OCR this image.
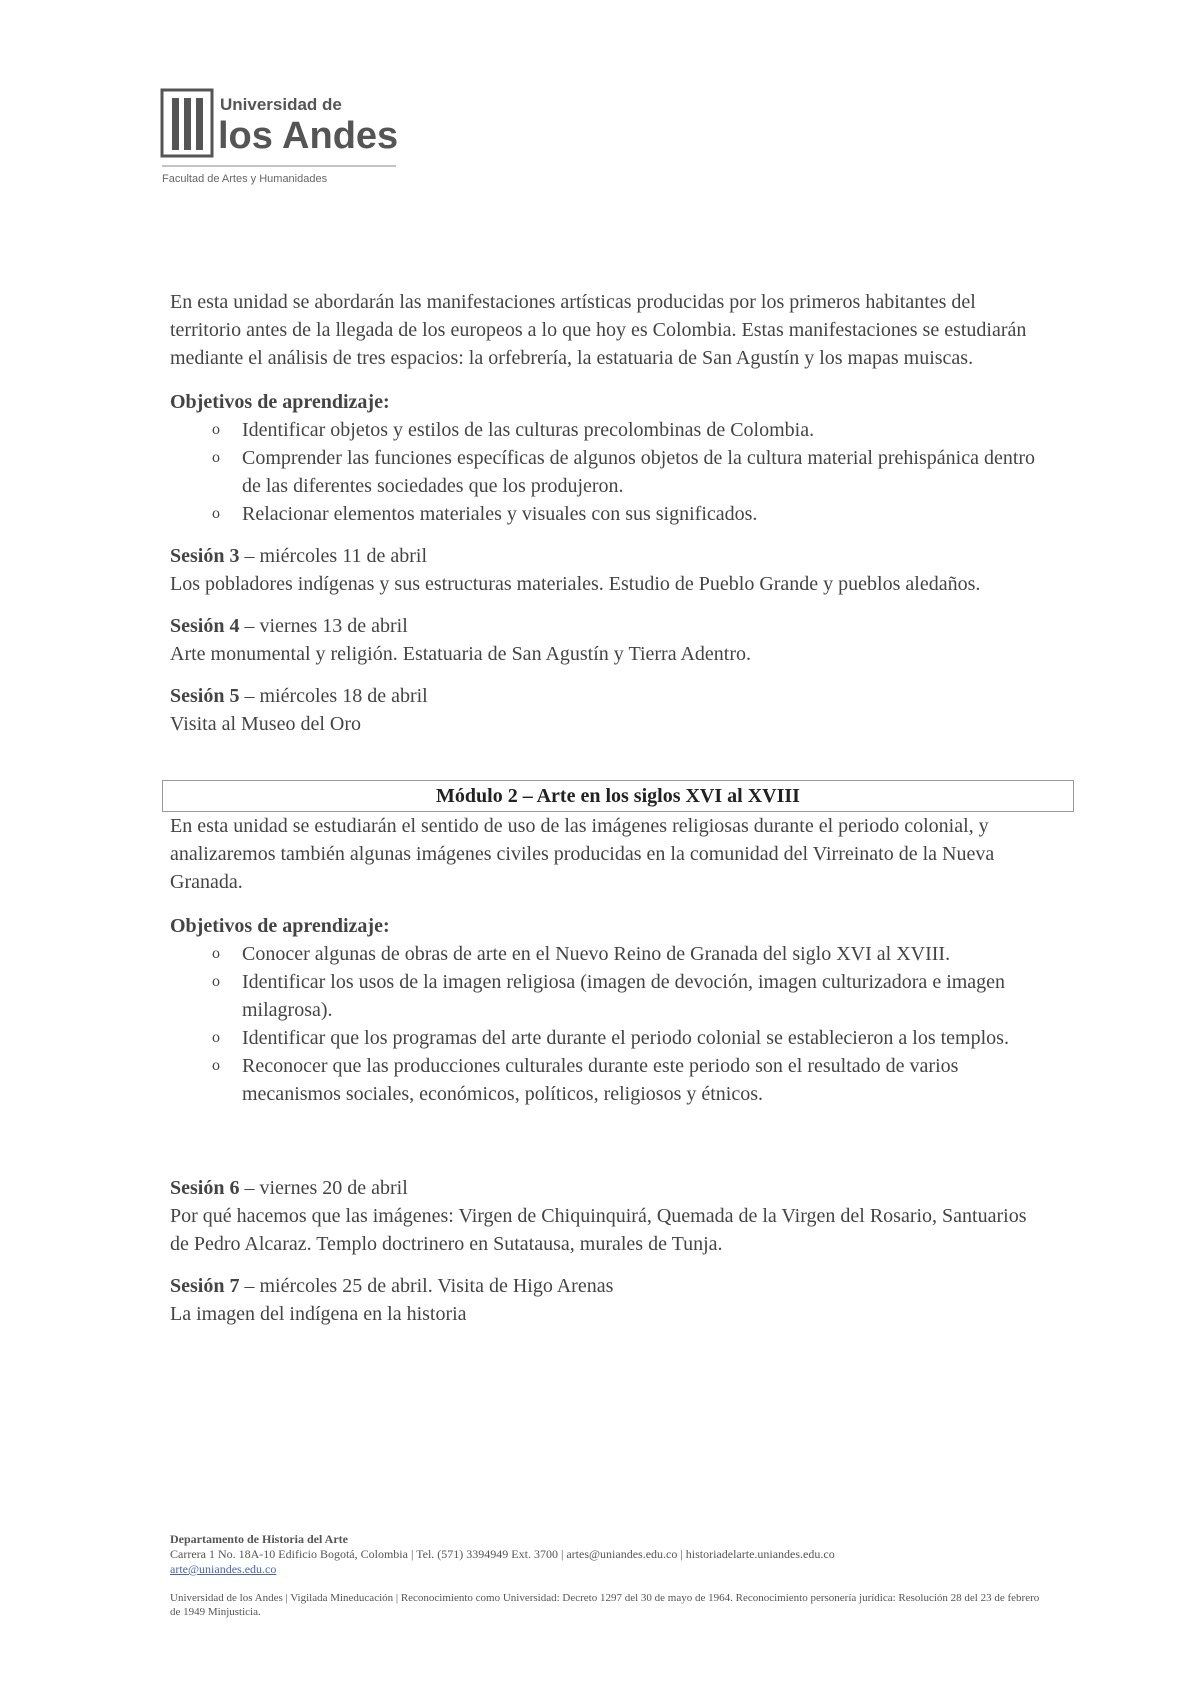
Universidad de
los Andes
Facultad de Artes y Humanidades

En esta unidad se abordarán las manifestaciones artísticas producidas por los primeros habitantes del territorio antes de la llegada de los europeos a lo que hoy es Colombia. Estas manifestaciones se estudiarán mediante el análisis de tres espacios: la orfebrería, la estatuaria de San Agustín y los mapas muiscas.

Objetivos de aprendizaje:
o Identificar objetos y estilos de las culturas precolombinas de Colombia.
o Comprender las funciones específicas de algunos objetos de la cultura material prehispánica dentro de las diferentes sociedades que los produjeron.
o Relacionar elementos materiales y visuales con sus significados.
Sesión 3 – miércoles 11 de abril

Los pobladores indígenas y sus estructuras materiales. Estudio de Pueblo Grande y pueblos aledaños.

Sesión 4 – viernes 13 de abril

Arte monumental y religión. Estatuaria de San Agustín y Tierra Adentro.

Sesión 5 – miércoles 18 de abril

Visita al Museo del Oro

Módulo 2 – Arte en los siglos XVI al XVIII

En esta unidad se estudiarán el sentido de uso de las imágenes religiosas durante el periodo colonial, y analizaremos también algunas imágenes civiles producidas en la comunidad del Virreinato de la Nueva Granada.

Objetivos de aprendizaje:
o Conocer algunas de obras de arte en el Nuevo Reino de Granada del siglo XVI al XVIII.
o Identificar los usos de la imagen religiosa (imagen de devoción, imagen culturizadora e imagen milagrosa).
o Identificar que los programas del arte durante el periodo colonial se establecieron a los templos.
o Reconocer que las producciones culturales durante este periodo son el resultado de varios mecanismos sociales, económicos, políticos, religiosos y étnicos.
Sesión 6 – viernes 20 de abril

Por qué hacemos que las imágenes: Virgen de Chiquinquirá, Quemada de la Virgen del Rosario, Santuarios de Pedro Alcaraz. Templo doctrinero en Sutatausa, murales de Tunja.

Sesión 7 – miércoles 25 de abril. Visita de Higo Arenas

La imagen del indígena en la historia

Departamento de Historia del Arte
Carrera 1 No. 18A-10 Edificio Bogotá, Colombia | Tel. (571) 3394949 Ext. 3700 | artes@uniandes.edu.co | historiadelarte.uniandes.edu.co
arte@uniandes.edu.co
Universidad de los Andes | Vigilada Mineducación | Reconocimiento como Universidad: Decreto 1297 del 30 de mayo de 1964. Reconocimiento personería jurídica: Resolución 28 del 23 de febrero de 1949 Minjusticia.
